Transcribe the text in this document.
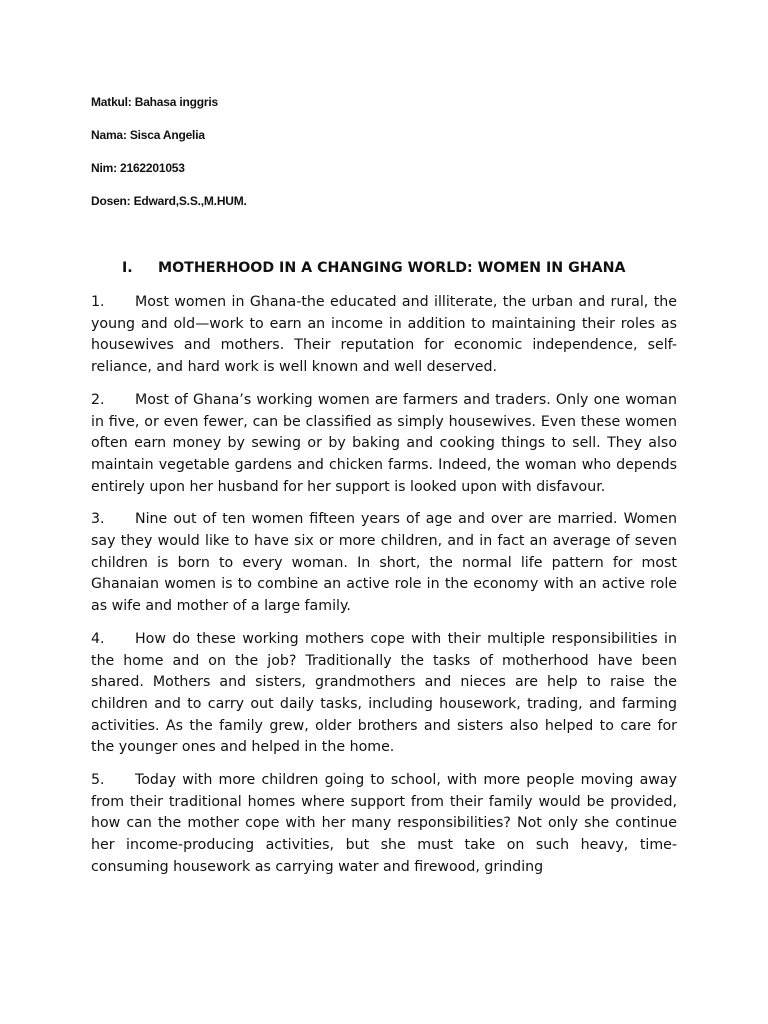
Matkul: Bahasa inggris
Nama: Sisca Angelia
Nim: 2162201053
Dosen: Edward,S.S.,M.HUM.
I. MOTHERHOOD IN A CHANGING WORLD: WOMEN IN GHANA

1. Most women in Ghana-the educated and illiterate, the urban and rural, the young and old—work to earn an income in addition to maintaining their roles as housewives and mothers. Their reputation for economic independence, self-reliance, and hard work is well known and well deserved.

2. Most of Ghana’s working women are farmers and traders. Only one woman in five, or even fewer, can be classified as simply housewives. Even these women often earn money by sewing or by baking and cooking things to sell. They also maintain vegetable gardens and chicken farms. Indeed, the woman who depends entirely upon her husband for her support is looked upon with disfavour.

3. Nine out of ten women fifteen years of age and over are married. Women say they would like to have six or more children, and in fact an average of seven children is born to every woman. In short, the normal life pattern for most Ghanaian women is to combine an active role in the economy with an active role as wife and mother of a large family.

4. How do these working mothers cope with their multiple responsibilities in the home and on the job? Traditionally the tasks of motherhood have been shared. Mothers and sisters, grandmothers and nieces are help to raise the children and to carry out daily tasks, including housework, trading, and farming activities. As the family grew, older brothers and sisters also helped to care for the younger ones and helped in the home.

5. Today with more children going to school, with more people moving away from their traditional homes where support from their family would be provided, how can the mother cope with her many responsibilities? Not only she continue her income-producing activities, but she must take on such heavy, time-consuming housework as carrying water and firewood, grinding
